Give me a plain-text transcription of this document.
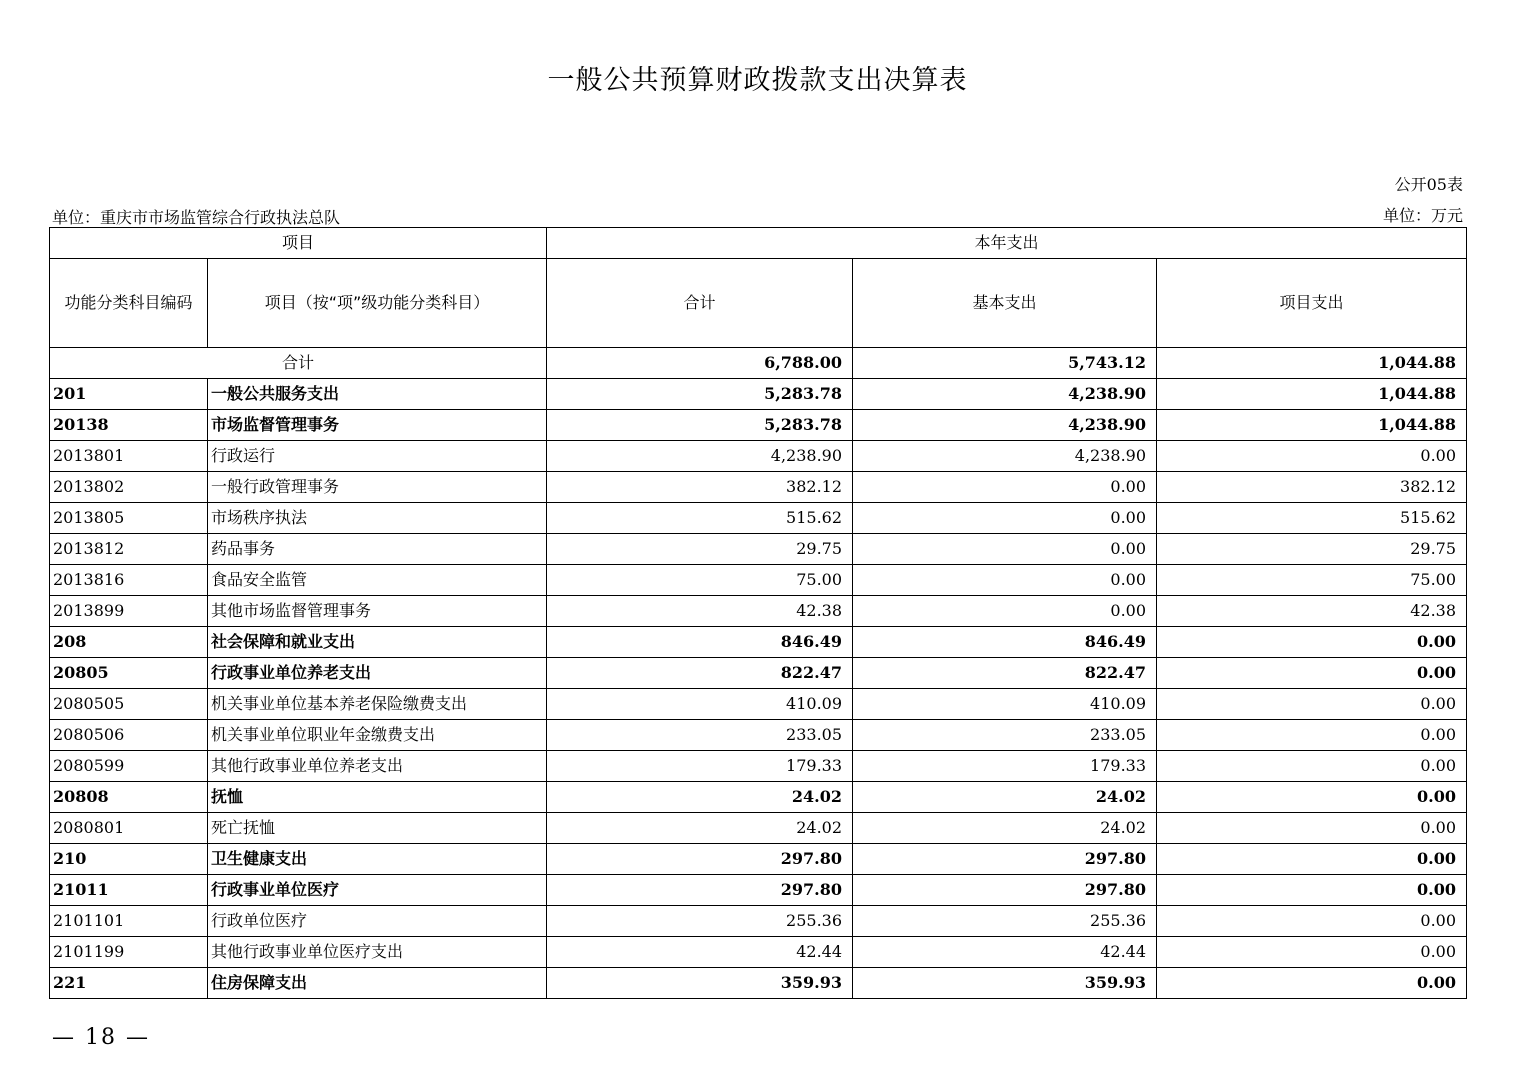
一般公共预算财政拨款支出决算表
公开05表
单位：重庆市市场监管综合行政执法总队	单位：万元
项目		本年支出		
功能分类科目编码	项目（按“项”级功能分类科目）	合计	基本支出	项目支出
合计		6,788.00	5,743.12	1,044.88
201	一般公共服务支出	5,283.78	4,238.90	1,044.88
20138	市场监督管理事务	5,283.78	4,238.90	1,044.88
2013801	行政运行	4,238.90	4,238.90	0.00
2013802	一般行政管理事务	382.12	0.00	382.12
2013805	市场秩序执法	515.62	0.00	515.62
2013812	药品事务	29.75	0.00	29.75
2013816	食品安全监管	75.00	0.00	75.00
2013899	其他市场监督管理事务	42.38	0.00	42.38
208	社会保障和就业支出	846.49	846.49	0.00
20805	行政事业单位养老支出	822.47	822.47	0.00
2080505	机关事业单位基本养老保险缴费支出	410.09	410.09	0.00
2080506	机关事业单位职业年金缴费支出	233.05	233.05	0.00
2080599	其他行政事业单位养老支出	179.33	179.33	0.00
20808	抚恤	24.02	24.02	0.00
2080801	死亡抚恤	24.02	24.02	0.00
210	卫生健康支出	297.80	297.80	0.00
21011	行政事业单位医疗	297.80	297.80	0.00
2101101	行政单位医疗	255.36	255.36	0.00
2101199	其他行政事业单位医疗支出	42.44	42.44	0.00
221	住房保障支出	359.93	359.93	0.00
— 18 —
